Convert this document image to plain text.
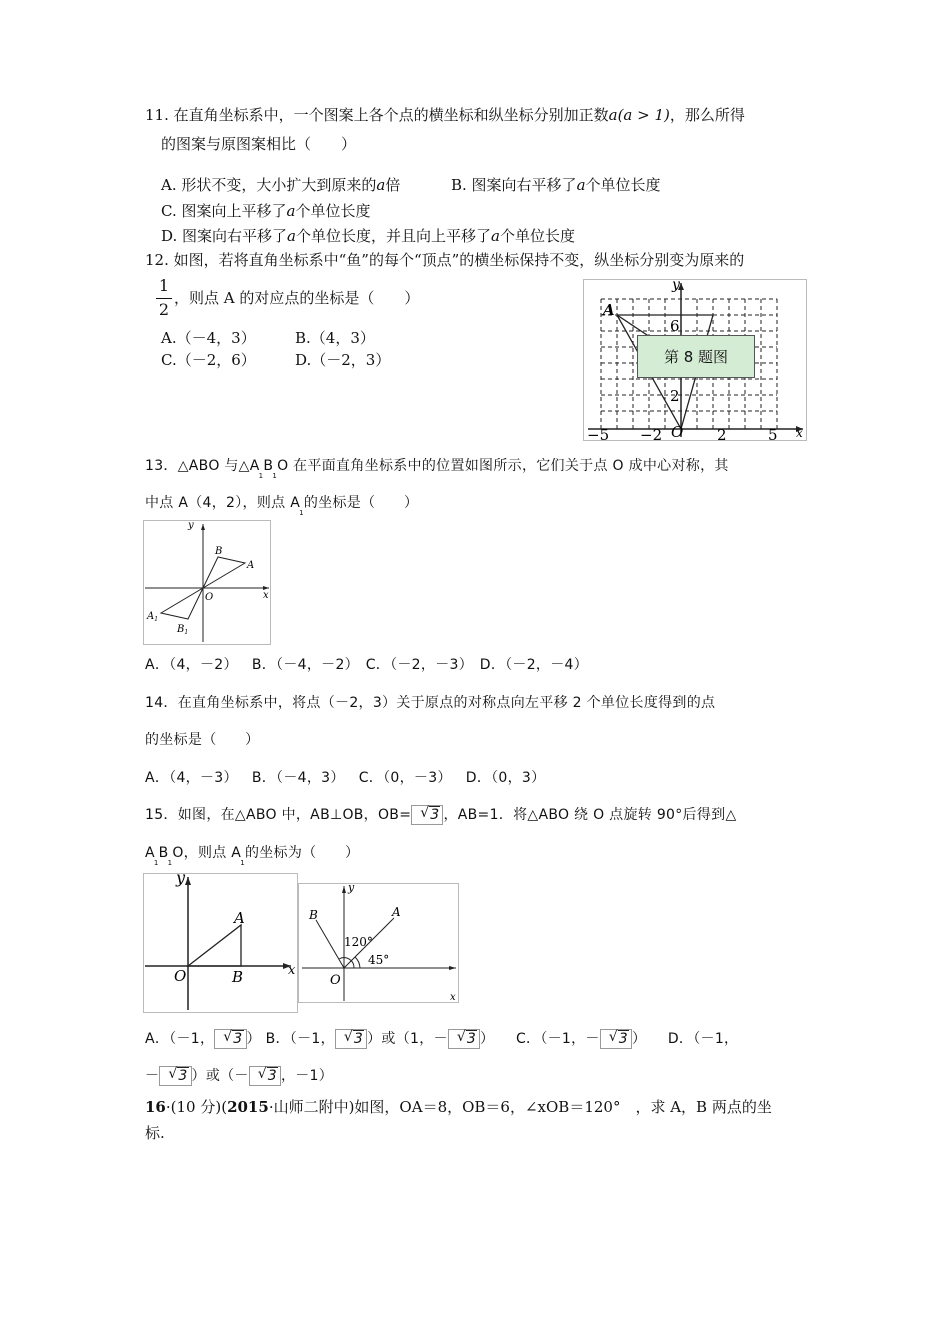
11. 在直角坐标系中，一个图案上各个点的横坐标和纵坐标分别加正数a(a > 1)，那么所得
的图案与原图案相比（　　）
A. 形状不变，大小扩大到原来的a倍	B. 图案向右平移了a个单位长度
C. 图案向上平移了a个单位长度
D. 图案向右平移了a个单位长度，并且向上平移了a个单位长度
12. 如图，若将直角坐标系中“鱼”的每个“顶点”的横坐标保持不变，纵坐标分别变为原来的
1
2
，则点 A 的对应点的坐标是（　　）
A.（－4，3）	B.（4，3）
C.（－2，6）	D.（－2，3）
y
x
A
6
2
O
−5 −2	2	5
第 8 题图
13．△ABO 与$\triangle A_1B_1O$ 在平面直角坐标系中的位置如图所示，它们关于点 O 成中心对称，其
中点 A（4，2），则点 $A_1$的坐标是（　　）
y
x
O
B
A
$A_1$
$B_1$
A．（4，－2）　 B．（－4，－2） C．（－2，－3） D．（－2，－4）
14．在直角坐标系中，将点（－2，3）关于原点的对称点向左平移 2 个单位长度得到的点
的坐标是（　　）
A．（4，－3）　 B．（－4，3）　 C．（0，－3）　 D．（0，3）
15．如图，在△ABO 中，AB⊥OB，OB= √ 3 ，AB=1．将△ABO 绕 O 点旋转 90°后得到△
$A_1B_1O$，则点 $A_1$的坐标为（　　）
y
x
O
A
B
y
x
O
A
B
120°
45°
A．（－1， √ 3 ） B．（－1， √ 3 ）或（1，－ √ 3 ）　　C．（－1，－ √ 3 ）　　D．（－1，
－ √ 3 ）或（－ √ 3 ，－1）
16·(10 分)(2015·山师二附中)如图，OA＝8，OB＝6，∠xOB＝120°　，求 A，B 两点的坐
标.
